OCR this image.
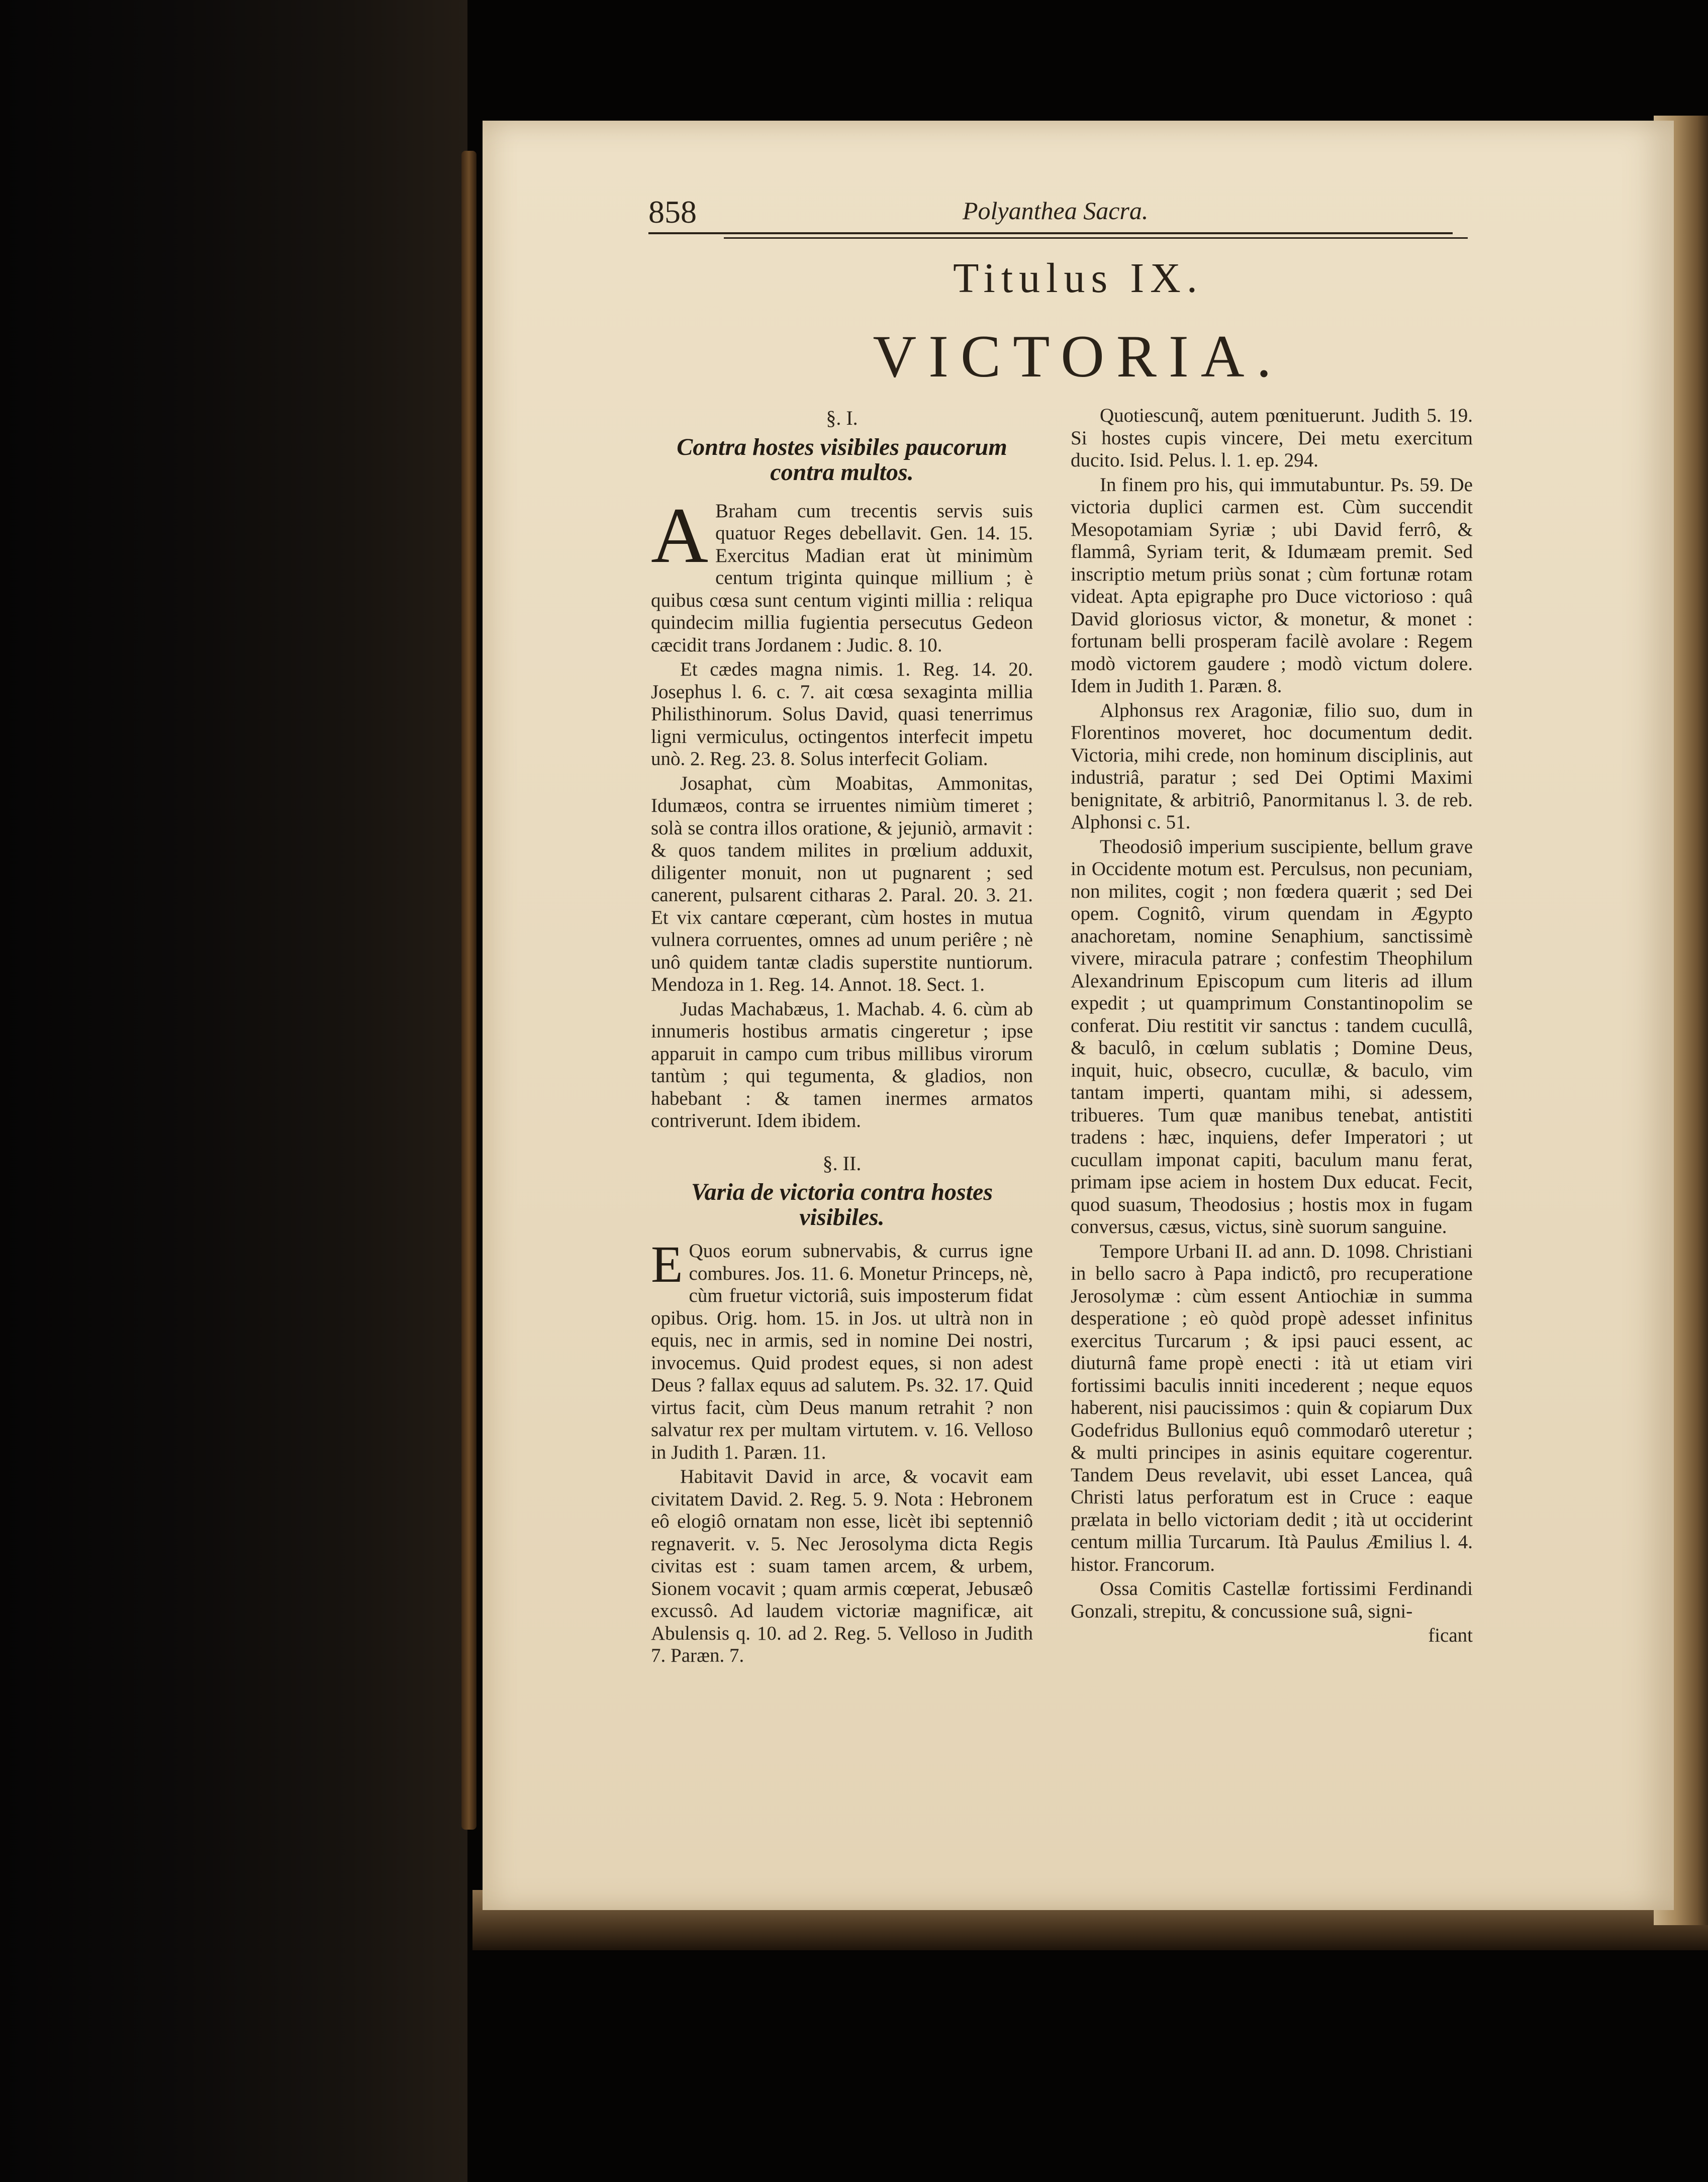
858	Polyanthea Sacra.
Titulus IX.
VICTORIA.
§. I.
Contra hostes visibiles paucorum contra multos.

A Braham cum trecentis servis suis quatuor Reges debellavit. Gen. 14. 15. Exercitus Madian erat ùt minimùm centum triginta quinque millium ; è quibus cœsa sunt centum viginti millia : reliqua quindecim millia fugientia persecutus Gedeon cæcidit trans Jordanem : Judic. 8. 10.

Et cædes magna nimis. 1. Reg. 14. 20. Josephus l. 6. c. 7. ait cœsa sexaginta millia Philisthinorum. Solus David, quasi tenerrimus ligni vermiculus, octingentos interfecit impetu unò. 2. Reg. 23. 8. Solus interfecit Goliam.

Josaphat, cùm Moabitas, Ammonitas, Idumæos, contra se irruentes nimiùm timeret ; solà se contra illos oratione, & jejuniò, armavit : & quos tandem milites in prœlium adduxit, diligenter monuit, non ut pugnarent ; sed canerent, pulsarent citharas 2. Paral. 20. 3. 21. Et vix cantare cœperant, cùm hostes in mutua vulnera corruentes, omnes ad unum periêre ; nè unô quidem tantæ cladis superstite nuntiorum. Mendoza in 1. Reg. 14. Annot. 18. Sect. 1.

Judas Machabæus, 1. Machab. 4. 6. cùm ab innumeris hostibus armatis cingeretur ; ipse apparuit in campo cum tribus millibus virorum tantùm ; qui tegumenta, & gladios, non habebant : & tamen inermes armatos contriverunt. Idem ibidem.

§. II.
Varia de victoria contra hostes visibiles.

E Quos eorum subnervabis, & currus igne combures. Jos. 11. 6. Monetur Princeps, nè, cùm fruetur victoriâ, suis imposterum fidat opibus. Orig. hom. 15. in Jos. ut ultrà non in equis, nec in armis, sed in nomine Dei nostri, invocemus. Quid prodest eques, si non adest Deus ? fallax equus ad salutem. Ps. 32. 17. Quid virtus facit, cùm Deus manum retrahit ? non salvatur rex per multam virtutem. v. 16. Velloso in Judith 1. Paræn. 11.

Habitavit David in arce, & vocavit eam civitatem David. 2. Reg. 5. 9. Nota : Hebronem eô elogiô ornatam non esse, licèt ibi septenniô regnaverit. v. 5. Nec Jerosolyma dicta Regis civitas est : suam tamen arcem, & urbem, Sionem vocavit ; quam armis cœperat, Jebusæô excussô. Ad laudem victoriæ magnificæ, ait Abulensis q. 10. ad 2. Reg. 5. Velloso in Judith 7. Paræn. 7.

Quotiescunq̃, autem pœnituerunt. Judith 5. 19. Si hostes cupis vincere, Dei metu exercitum ducito. Isid. Pelus. l. 1. ep. 294.

In finem pro his, qui immutabuntur. Ps. 59. De victoria duplici carmen est. Cùm succendit Mesopotamiam Syriæ ; ubi David ferrô, & flammâ, Syriam terit, & Idumæam premit. Sed inscriptio metum priùs sonat ; cùm fortunæ rotam videat. Apta epigraphe pro Duce victorioso : quâ David gloriosus victor, & monetur, & monet : fortunam belli prosperam facilè avolare : Regem modò victorem gaudere ; modò victum dolere. Idem in Judith 1. Paræn. 8.

Alphonsus rex Aragoniæ, filio suo, dum in Florentinos moveret, hoc documentum dedit. Victoria, mihi crede, non hominum disciplinis, aut industriâ, paratur ; sed Dei Optimi Maximi benignitate, & arbitriô, Panormitanus l. 3. de reb. Alphonsi c. 51.

Theodosiô imperium suscipiente, bellum grave in Occidente motum est. Perculsus, non pecuniam, non milites, cogit ; non fœdera quærit ; sed Dei opem. Cognitô, virum quendam in Ægypto anachoretam, nomine Senaphium, sanctissimè vivere, miracula patrare ; confestim Theophilum Alexandrinum Episcopum cum literis ad illum expedit ; ut quamprimum Constantinopolim se conferat. Diu restitit vir sanctus : tandem cucullâ, & baculô, in cœlum sublatis ; Domine Deus, inquit, huic, obsecro, cucullæ, & baculo, vim tantam imperti, quantam mihi, si adessem, tribueres. Tum quæ manibus tenebat, antistiti tradens : hæc, inquiens, defer Imperatori ; ut cucullam imponat capiti, baculum manu ferat, primam ipse aciem in hostem Dux educat. Fecit, quod suasum, Theodosius ; hostis mox in fugam conversus, cæsus, victus, sinè suorum sanguine.

Tempore Urbani II. ad ann. D. 1098. Christiani in bello sacro à Papa indictô, pro recuperatione Jerosolymæ : cùm essent Antiochiæ in summa desperatione ; eò quòd propè adesset infinitus exercitus Turcarum ; & ipsi pauci essent, ac diuturnâ fame propè enecti : ità ut etiam viri fortissimi baculis inniti incederent ; neque equos haberent, nisi paucissimos : quin & copiarum Dux Godefridus Bullonius equô commodarô uteretur ; & multi principes in asinis equitare cogerentur. Tandem Deus revelavit, ubi esset Lancea, quâ Christi latus perforatum est in Cruce : eaque prælata in bello victoriam dedit ; ità ut occiderint centum millia Turcarum. Ità Paulus Æmilius l. 4. histor. Francorum.

Ossa Comitis Castellæ fortissimi Ferdinandi Gonzali, strepitu, & concussione suâ, signi-

ficant
